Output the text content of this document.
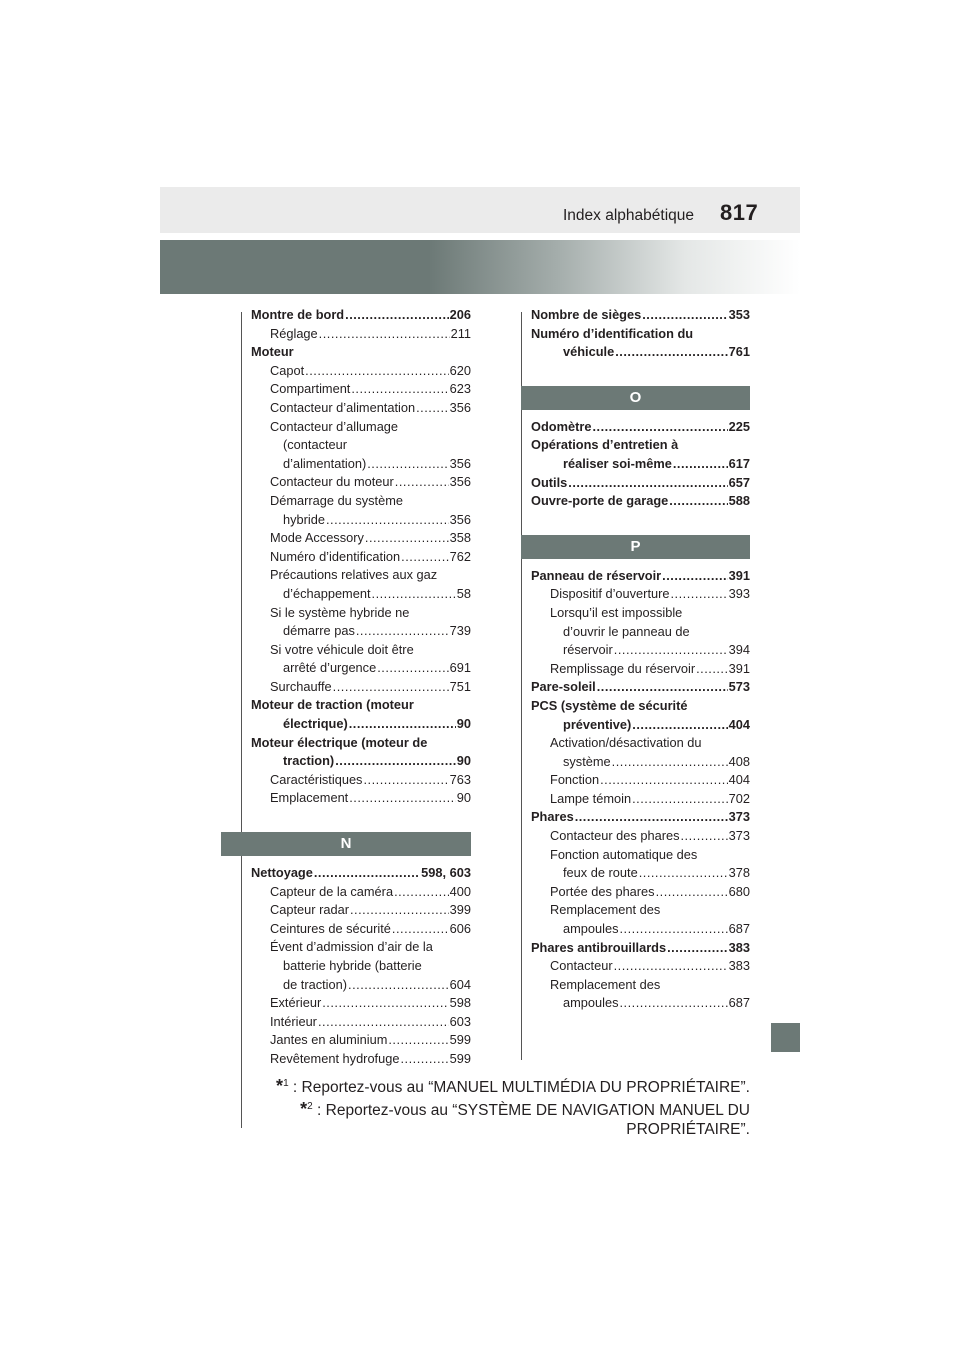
Index alphabétique 817
Montre de bord .....	206
Réglage .....	211
Moteur
Capot .....	620
Compartiment .....	623
Contacteur d’alimentation .....	356
Contacteur d’allumage
(contacteur
d’alimentation) .....	356
Contacteur du moteur .....	356
Démarrage du système
hybride .....	356
Mode Accessory .....	358
Numéro d’identification .....	762
Précautions relatives aux gaz
d’échappement .....	58
Si le système hybride ne
démarre pas .....	739
Si votre véhicule doit être
arrêté d’urgence .....	691
Surchauffe .....	751
Moteur de traction (moteur
électrique) .....	90
Moteur électrique (moteur de
traction) .....	90
Caractéristiques .....	763
Emplacement .....	90
N
Nettoyage .....	598, 603
Capteur de la caméra .....	400
Capteur radar .....	399
Ceintures de sécurité .....	606
Évent d’admission d’air de la
batterie hybride (batterie
de traction) .....	604
Extérieur .....	598
Intérieur .....	603
Jantes en aluminium .....	599
Revêtement hydrofuge .....	599
Nombre de sièges .....	353
Numéro d’identification du
véhicule .....	761
O
Odomètre .....	225
Opérations d’entretien à
réaliser soi-même .....	617
Outils .....	657
Ouvre-porte de garage .....	588
P
Panneau de réservoir .....	391
Dispositif d’ouverture .....	393
Lorsqu’il est impossible
d’ouvrir le panneau de
réservoir .....	394
Remplissage du réservoir .....	391
Pare-soleil .....	573
PCS (système de sécurité
préventive) .....	404
Activation/désactivation du
système .....	408
Fonction .....	404
Lampe témoin .....	702
Phares .....	373
Contacteur des phares .....	373
Fonction automatique des
feux de route .....	378
Portée des phares .....	680
Remplacement des
ampoules .....	687
Phares antibrouillards .....	383
Contacteur .....	383
Remplacement des
ampoules .....	687
*$^1$ : Reportez-vous au “MANUEL MULTIMÉDIA DU PROPRIÉTAIRE”.
*$^2$ : Reportez-vous au “SYSTÈME DE NAVIGATION MANUEL DU
PROPRIÉTAIRE”.
